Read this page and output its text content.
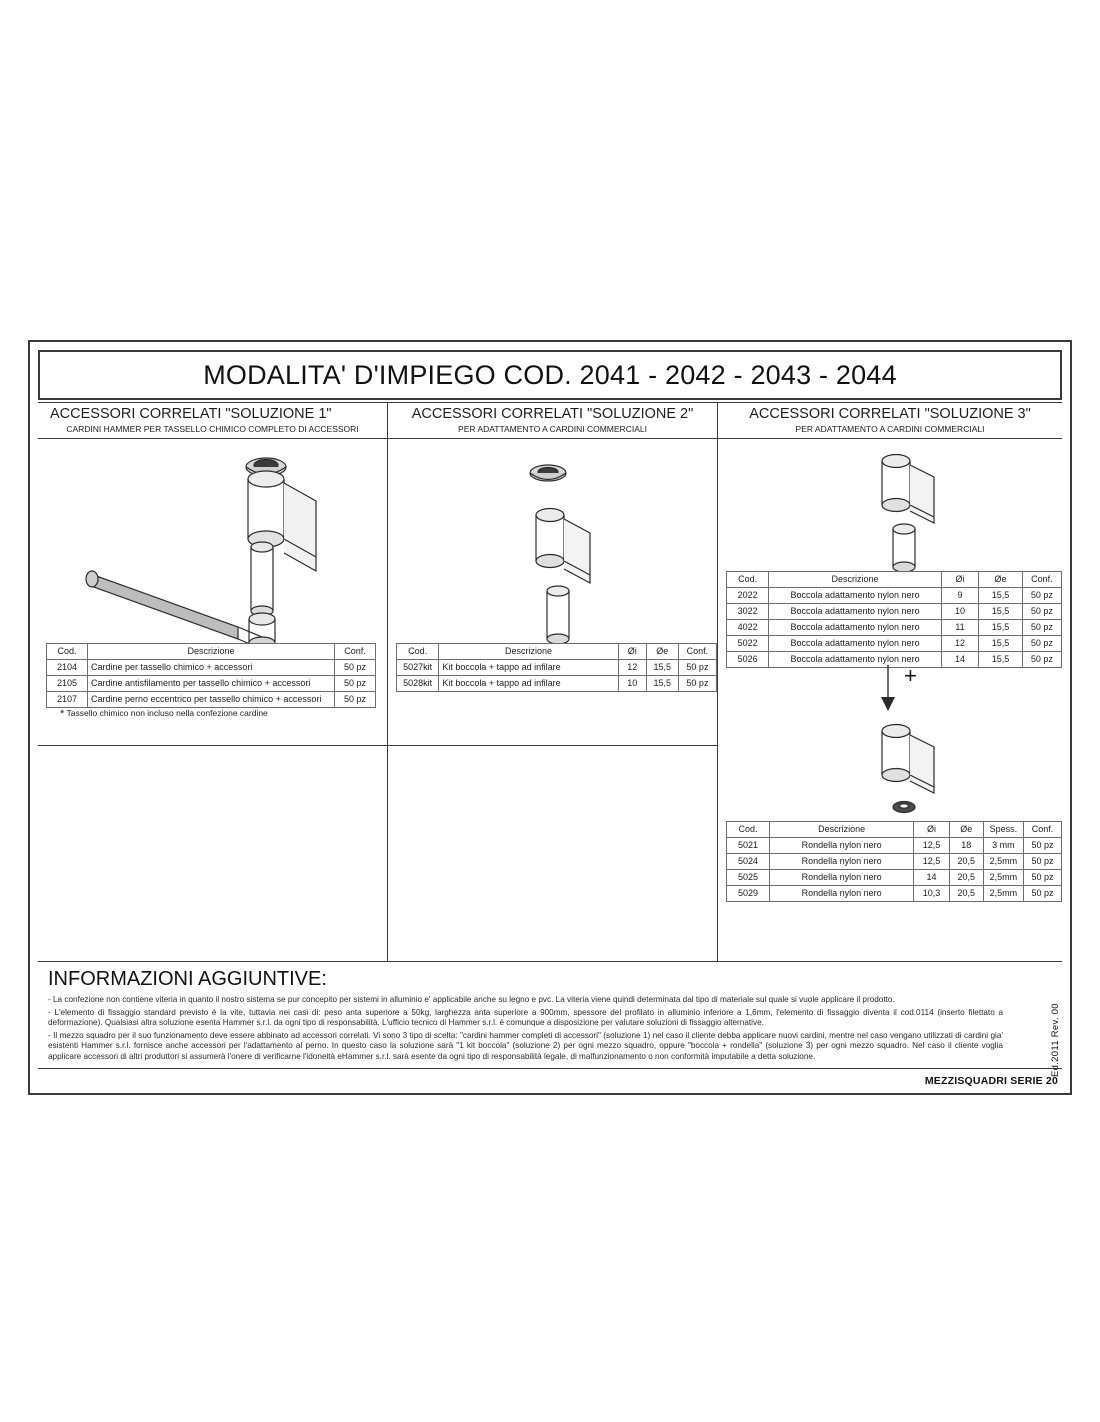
MODALITA' D'IMPIEGO COD. 2041 - 2042 - 2043 - 2044
ACCESSORI CORRELATI "SOLUZIONE 1"
CARDINI HAMMER PER TASSELLO CHIMICO COMPLETO DI ACCESSORI
Cod.	Descrizione	Conf.
2104	Cardine per tassello chimico + accessori	50 pz
2105	Cardine antisfilamento per tassello chimico + accessori	50 pz
2107	Cardine perno eccentrico per tassello chimico + accessori	50 pz
* Tassello chimico non incluso nella confezione cardine
ACCESSORI CORRELATI "SOLUZIONE 2"
PER ADATTAMENTO A CARDINI COMMERCIALI
Cod.	Descrizione	Øi	Øe	Conf.
5027kit	Kit boccola + tappo ad infilare	12	15,5	50 pz
5028kit	Kit boccola + tappo ad infilare	10	15,5	50 pz
ACCESSORI CORRELATI "SOLUZIONE 3"
PER ADATTAMENTO A CARDINI COMMERCIALI
Cod.	Descrizione	Øi	Øe	Conf.
2022	Boccola adattamento nylon nero	9	15,5	50 pz
3022	Boccola adattamento nylon nero	10	15,5	50 pz
4022	Boccola adattamento nylon nero	11	15,5	50 pz
5022	Boccola adattamento nylon nero	12	15,5	50 pz
5026	Boccola adattamento nylon nero	14	15,5	50 pz
+
Cod.	Descrizione	Øi	Øe	Spess.	Conf.
5021	Rondella nylon nero	12,5	18	3 mm	50 pz
5024	Rondella nylon nero	12,5	20,5	2,5mm	50 pz
5025	Rondella nylon nero	14	20,5	2,5mm	50 pz
5029	Rondella nylon nero	10,3	20,5	2,5mm	50 pz
INFORMAZIONI AGGIUNTIVE:

- La confezione non contiene viteria in quanto il nostro sistema se pur concepito per sistemi in alluminio e' applicabile anche su legno e pvc. La viteria viene quindi determinata dal tipo di materiale sul quale si vuole applicare il prodotto.

- L'elemento di fissaggio standard previsto è la vite, tuttavia nei casi di: peso anta superiore a 50kg, larghezza anta superiore a 900mm, spessore del profilato in alluminio inferiore a 1,6mm, l'elemento di fissaggio diventa il cod.0114 (inserto filettato a deformazione). Qualsiasi altra soluzione esenta Hammer s.r.l. da ogni tipo di responsabilità. L'ufficio tecnico di Hammer s.r.l. è comunque a disposizione per valutare soluzioni di fissaggio alternative.

- Il mezzo squadro per il suo funzionamento deve essere abbinato ad accessori correlati. Vi sono 3 tipo di scelta: "cardini hammer completi di accessori" (soluzione 1) nel caso il cliente debba applicare nuovi cardini, mentre nel caso vengano utilizzati di cardini gia' esistenti Hammer s.r.l. fornisce anche accessori per l'adattamento al perno. In questo caso la soluzione sarà "1 kit boccola" (soluzione 2) per ogni mezzo squadro, oppure "boccola + rondella" (soluzione 3) per ogni mezzo squadro. Nel caso il cliente voglia applicare accessori di altri produttori si assumerà l'onere di verificarne l'idoneità eHammer s.r.l. sarà esente da ogni tipo di responsabilità legale, di malfunzionamento o non conformità imputabile a detta soluzione.	Ed.2011 Rev. 00
MEZZISQUADRI SERIE 20
